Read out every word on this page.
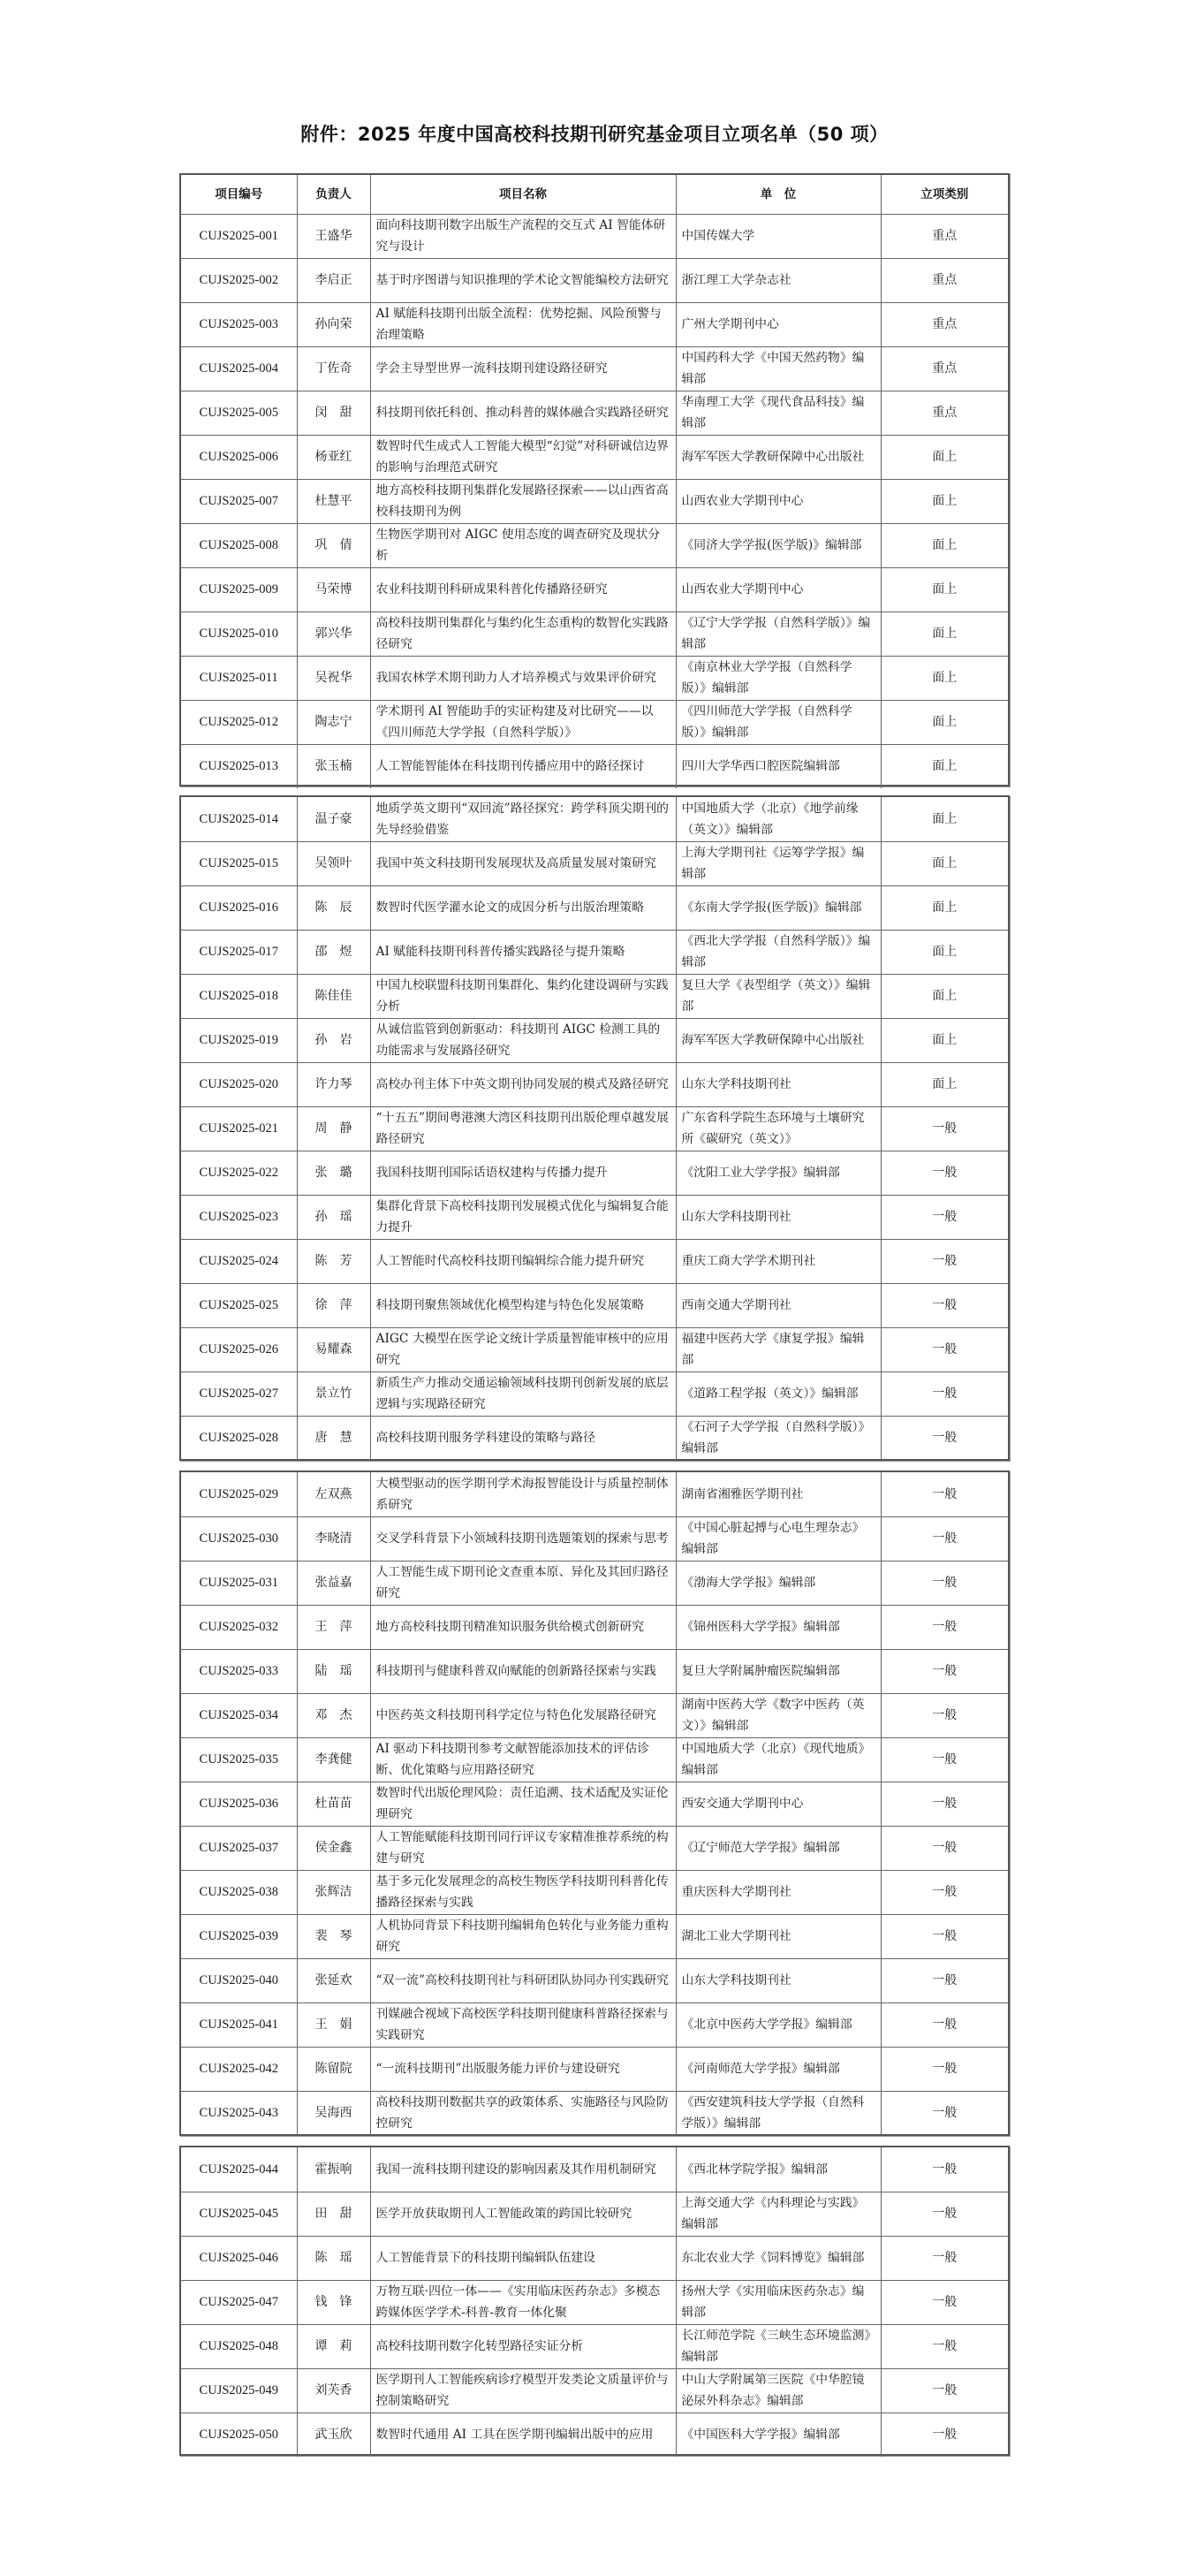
附件：2025 年度中国高校科技期刊研究基金项目立项名单（50 项）
项目编号	负责人	项目名称	单　位	立项类别
CUJS2025-001	王盛华	面向科技期刊数字出版生产流程的交互式 AI 智能体研究与设计	中国传媒大学	重点
CUJS2025-002	李启正	基于时序图谱与知识推理的学术论文智能编校方法研究	浙江理工大学杂志社	重点
CUJS2025-003	孙向荣	AI 赋能科技期刊出版全流程：优势挖掘、风险预警与治理策略	广州大学期刊中心	重点
CUJS2025-004	丁佐奇	学会主导型世界一流科技期刊建设路径研究	中国药科大学《中国天然药物》编辑部	重点
CUJS2025-005	闵　甜	科技期刊依托科创、推动科普的媒体融合实践路径研究	华南理工大学《现代食品科技》编辑部	重点
CUJS2025-006	杨亚红	数智时代生成式人工智能大模型“幻觉”对科研诚信边界的影响与治理范式研究	海军军医大学教研保障中心出版社	面上
CUJS2025-007	杜慧平	地方高校科技期刊集群化发展路径探索——以山西省高校科技期刊为例	山西农业大学期刊中心	面上
CUJS2025-008	巩　倩	生物医学期刊对 AIGC 使用态度的调查研究及现状分析	《同济大学学报(医学版)》编辑部	面上
CUJS2025-009	马荣博	农业科技期刊科研成果科普化传播路径研究	山西农业大学期刊中心	面上
CUJS2025-010	郭兴华	高校科技期刊集群化与集约化生态重构的数智化实践路径研究	《辽宁大学学报（自然科学版）》编辑部	面上
CUJS2025-011	吴祝华	我国农林学术期刊助力人才培养模式与效果评价研究	《南京林业大学学报（自然科学版）》编辑部	面上
CUJS2025-012	陶志宁	学术期刊 AI 智能助手的实证构建及对比研究——以《四川师范大学学报（自然科学版）》	《四川师范大学学报（自然科学版）》编辑部	面上
CUJS2025-013	张玉楠	人工智能智能体在科技期刊传播应用中的路径探讨	四川大学华西口腔医院编辑部	面上
CUJS2025-014	温子豪	地质学英文期刊“双回流”路径探究：跨学科顶尖期刊的先导经验借鉴	中国地质大学（北京）《地学前缘（英文）》编辑部	面上
CUJS2025-015	吴领叶	我国中英文科技期刊发展现状及高质量发展对策研究	上海大学期刊社《运筹学学报》编辑部	面上
CUJS2025-016	陈　辰	数智时代医学灌水论文的成因分析与出版治理策略	《东南大学学报(医学版)》编辑部	面上
CUJS2025-017	邵　煜	AI 赋能科技期刊科普传播实践路径与提升策略	《西北大学学报（自然科学版）》编辑部	面上
CUJS2025-018	陈佳佳	中国九校联盟科技期刊集群化、集约化建设调研与实践分析	复旦大学《表型组学（英文）》编辑部	面上
CUJS2025-019	孙　岩	从诚信监管到创新驱动：科技期刊 AIGC 检测工具的功能需求与发展路径研究	海军军医大学教研保障中心出版社	面上
CUJS2025-020	许力琴	高校办刊主体下中英文期刊协同发展的模式及路径研究	山东大学科技期刊社	面上
CUJS2025-021	周　静	“十五五”期间粤港澳大湾区科技期刊出版伦理卓越发展路径研究	广东省科学院生态环境与土壤研究所《碳研究（英文）》	一般
CUJS2025-022	张　璐	我国科技期刊国际话语权建构与传播力提升	《沈阳工业大学学报》编辑部	一般
CUJS2025-023	孙　瑶	集群化背景下高校科技期刊发展模式优化与编辑复合能力提升	山东大学科技期刊社	一般
CUJS2025-024	陈　芳	人工智能时代高校科技期刊编辑综合能力提升研究	重庆工商大学学术期刊社	一般
CUJS2025-025	徐　萍	科技期刊聚焦领域优化模型构建与特色化发展策略	西南交通大学期刊社	一般
CUJS2025-026	易耀森	AIGC 大模型在医学论文统计学质量智能审核中的应用研究	福建中医药大学《康复学报》编辑部	一般
CUJS2025-027	景立竹	新质生产力推动交通运输领域科技期刊创新发展的底层逻辑与实现路径研究	《道路工程学报（英文）》编辑部	一般
CUJS2025-028	唐　慧	高校科技期刊服务学科建设的策略与路径	《石河子大学学报（自然科学版）》编辑部	一般
CUJS2025-029	左双燕	大模型驱动的医学期刊学术海报智能设计与质量控制体系研究	湖南省湘雅医学期刊社	一般
CUJS2025-030	李晓清	交叉学科背景下小领域科技期刊选题策划的探索与思考	《中国心脏起搏与心电生理杂志》编辑部	一般
CUJS2025-031	张益嘉	人工智能生成下期刊论文查重本原、异化及其回归路径研究	《渤海大学学报》编辑部	一般
CUJS2025-032	王　萍	地方高校科技期刊精准知识服务供给模式创新研究	《锦州医科大学学报》编辑部	一般
CUJS2025-033	陆　瑶	科技期刊与健康科普双向赋能的创新路径探索与实践	复旦大学附属肿瘤医院编辑部	一般
CUJS2025-034	邓　杰	中医药英文科技期刊科学定位与特色化发展路径研究	湖南中医药大学《数字中医药（英文）》编辑部	一般
CUJS2025-035	李龚健	AI 驱动下科技期刊参考文献智能添加技术的评估诊断、优化策略与应用路径研究	中国地质大学（北京）《现代地质》编辑部	一般
CUJS2025-036	杜苗苗	数智时代出版伦理风险：责任追溯、技术适配及实证伦理研究	西安交通大学期刊中心	一般
CUJS2025-037	侯金鑫	人工智能赋能科技期刊同行评议专家精准推荐系统的构建与研究	《辽宁师范大学学报》编辑部	一般
CUJS2025-038	张辉洁	基于多元化发展理念的高校生物医学科技期刊科普化传播路径探索与实践	重庆医科大学期刊社	一般
CUJS2025-039	裴　琴	人机协同背景下科技期刊编辑角色转化与业务能力重构研究	湖北工业大学期刊社	一般
CUJS2025-040	张延欢	“双一流”高校科技期刊社与科研团队协同办刊实践研究	山东大学科技期刊社	一般
CUJS2025-041	王　娟	刊媒融合视域下高校医学科技期刊健康科普路径探索与实践研究	《北京中医药大学学报》编辑部	一般
CUJS2025-042	陈留院	“一流科技期刊”出版服务能力评价与建设研究	《河南师范大学学报》编辑部	一般
CUJS2025-043	吴海西	高校科技期刊数据共享的政策体系、实施路径与风险防控研究	《西安建筑科技大学学报（自然科学版）》编辑部	一般
CUJS2025-044	霍振响	我国一流科技期刊建设的影响因素及其作用机制研究	《西北林学院学报》编辑部	一般
CUJS2025-045	田　甜	医学开放获取期刊人工智能政策的跨国比较研究	上海交通大学《内科理论与实践》编辑部	一般
CUJS2025-046	陈　瑶	人工智能背景下的科技期刊编辑队伍建设	东北农业大学《饲料博览》编辑部	一般
CUJS2025-047	钱　锋	万物互联·四位一体——《实用临床医药杂志》多模态跨媒体医学学术-科普-教育一体化聚	扬州大学《实用临床医药杂志》编辑部	一般
CUJS2025-048	谭　莉	高校科技期刊数字化转型路径实证分析	长江师范学院《三峡生态环境监测》编辑部	一般
CUJS2025-049	刘芙香	医学期刊人工智能疾病诊疗模型开发类论文质量评价与控制策略研究	中山大学附属第三医院《中华腔镜泌尿外科杂志》编辑部	一般
CUJS2025-050	武玉欣	数智时代通用 AI 工具在医学期刊编辑出版中的应用	《中国医科大学学报》编辑部	一般
